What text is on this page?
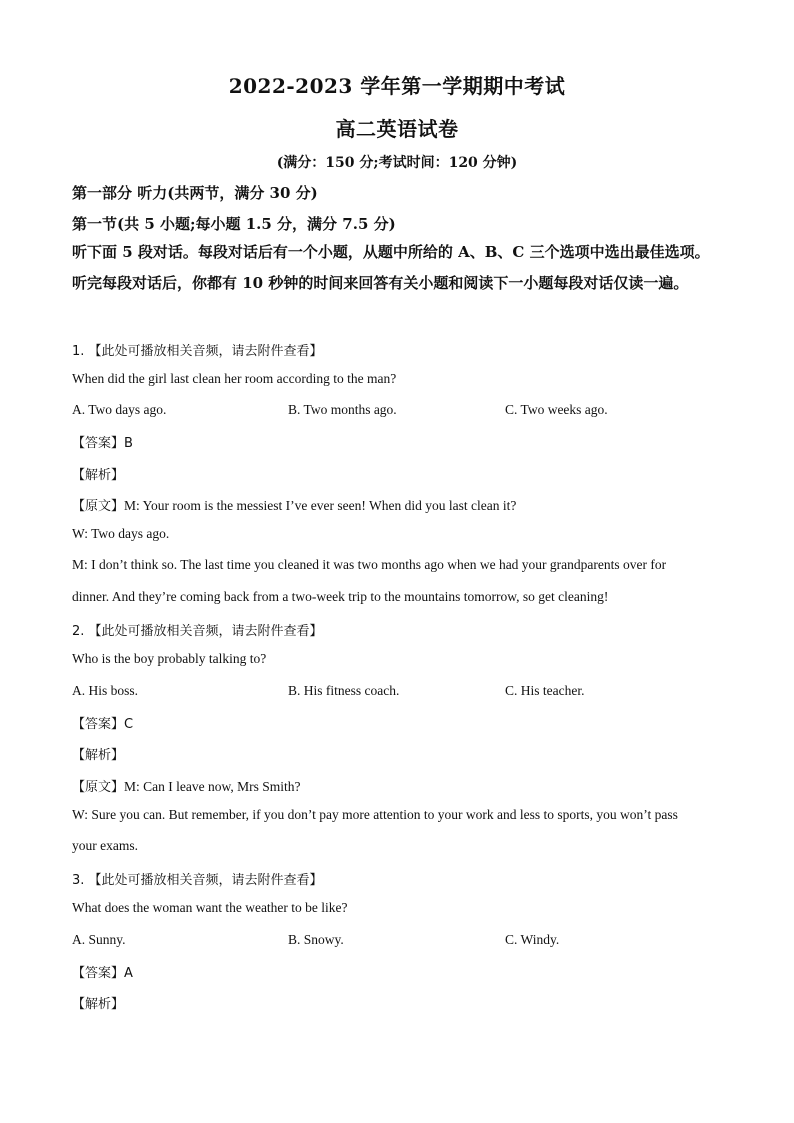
2022-2023 学年第一学期期中考试
高二英语试卷
(满分：150 分;考试时间：120 分钟)
第一部分 听力(共两节，满分 30 分)
第一节(共 5 小题;每小题 1.5 分，满分 7.5 分)
听下面 5 段对话。每段对话后有一个小题，从题中所给的 A、B、C 三个选项中选出最佳选项。听完每段对话后，你都有 10 秒钟的时间来回答有关小题和阅读下一小题每段对话仅读一遍。
1. 【此处可播放相关音频，请去附件查看】
When did the girl last clean her room according to the man?
A. Two days ago.	B. Two months ago.	C. Two weeks ago.
【答案】B
【解析】
【原文】M: Your room is the messiest I’ve ever seen! When did you last clean it?
W: Two days ago.
M: I don’t think so. The last time you cleaned it was two months ago when we had your grandparents over for
dinner. And they’re coming back from a two-week trip to the mountains tomorrow, so get cleaning!
2. 【此处可播放相关音频，请去附件查看】
Who is the boy probably talking to?
A. His boss.	B. His fitness coach.	C. His teacher.
【答案】C
【解析】
【原文】M: Can I leave now, Mrs Smith?
W: Sure you can. But remember, if you don’t pay more attention to your work and less to sports, you won’t pass
your exams.
3. 【此处可播放相关音频，请去附件查看】
What does the woman want the weather to be like?
A. Sunny.	B. Snowy.	C. Windy.
【答案】A
【解析】
